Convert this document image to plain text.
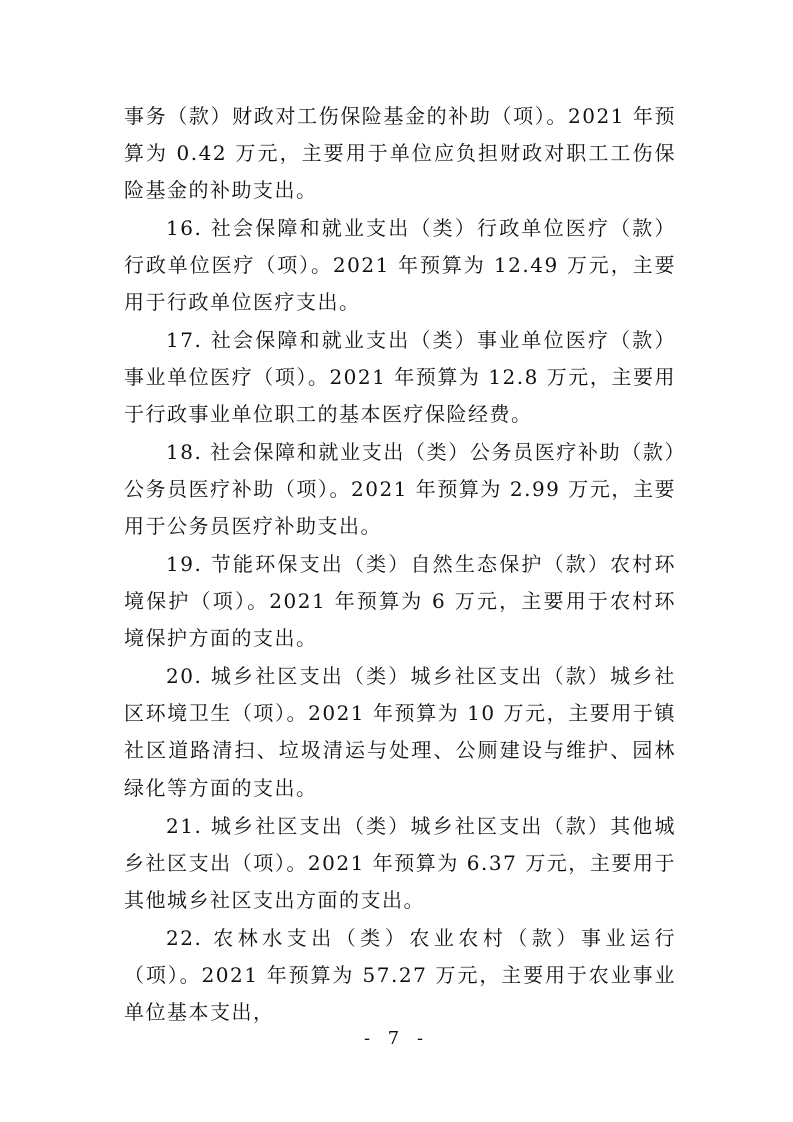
事务（款）财政对工伤保险基金的补助（项）。2021 年预算为 0.42 万元，主要用于单位应负担财政对职工工伤保险基金的补助支出。

16. 社会保障和就业支出（类）行政单位医疗（款）行政单位医疗（项）。2021 年预算为 12.49 万元，主要用于行政单位医疗支出。

17. 社会保障和就业支出（类）事业单位医疗（款）事业单位医疗（项）。2021 年预算为 12.8 万元，主要用于行政事业单位职工的基本医疗保险经费。

18. 社会保障和就业支出（类）公务员医疗补助（款）公务员医疗补助（项）。2021 年预算为 2.99 万元，主要用于公务员医疗补助支出。

19. 节能环保支出（类）自然生态保护（款）农村环境保护（项）。2021 年预算为 6 万元，主要用于农村环境保护方面的支出。

20. 城乡社区支出（类）城乡社区支出（款）城乡社区环境卫生（项）。2021 年预算为 10 万元，主要用于镇社区道路清扫、垃圾清运与处理、公厕建设与维护、园林绿化等方面的支出。

21. 城乡社区支出（类）城乡社区支出（款）其他城乡社区支出（项）。2021 年预算为 6.37 万元，主要用于其他城乡社区支出方面的支出。

22. 农林水支出（类）农业农村（款）事业运行（项）。2021 年预算为 57.27 万元，主要用于农业事业单位基本支出，

- 7 -
